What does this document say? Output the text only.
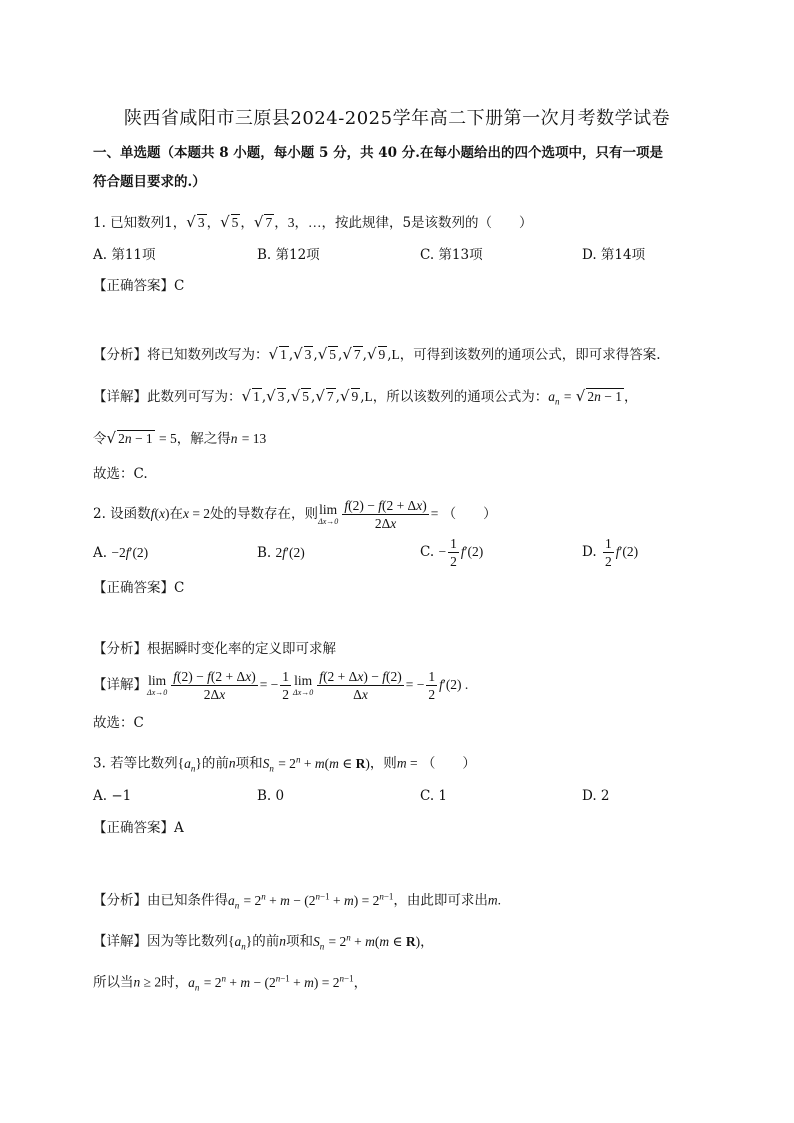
陕西省咸阳市三原县2024-2025学年高二下册第一次月考数学试卷
一、单选题（本题共 8 小题，每小题 5 分，共 40 分.在每小题给出的四个选项中，只有一项是
符合题目要求的.）
1. 已知数列1，√ 3 ，√ 5 ，√ 7 ，3，…，按此规律，5是该数列的（　　）
A. 第11项	B. 第12项	C. 第13项	D. 第14项
【正确答案】C
【分析】将已知数列改写为：√ 1 ,√ 3 ,√ 5 ,√ 7 ,√ 9 ,L，可得到该数列的通项公式，即可求得答案.
【详解】此数列可写为：√ 1 ,√ 3 ,√ 5 ,√ 7 ,√ 9 ,L，所以该数列的通项公式为：$a_n$ = √ 2n − 1 ，
令√ 2n − 1 = 5，解之得n = 13
故选：C.
2. 设函数f(x)在x = 2处的导数存在，则 lim
$\Delta x\to 0 \frac{f(2) - f(2 + \Delta x)}{2\Delta x}$ = （　　）
A. −2f′(2)	B. 2f′(2)	C. − $\frac{1}{2} f'(2)$	D. $\frac{1}{2} f'(2)$
【正确答案】C
【分析】根据瞬时变化率的定义即可求解
【详解】 lim
$\Delta x\to 0 \frac{f(2) - f(2 + \Delta x)}{2\Delta x}$ = − $\frac{1}{2}$ lim
$\Delta x\to 0 \frac{f(2 + \Delta x) - f(2)}{\Delta x}$ = − $\frac{1}{2} f'(2)$ .
故选：C
3. 若等比数列$\{a_n\}$的前n项和$S_n = 2^n + m(m$ ∈ R)，则m = （　　）
A. −1	B. 0	C. 1	D. 2
【正确答案】A
【分析】由已知条件得$a_n = 2^n + m - (2^{n-1} + m) = 2^{n-1}$，由此即可求出m.
【详解】因为等比数列$\{a_n\}$的前n项和$S_n = 2^n + m(m$ ∈ R)，
所以当n ≥ 2时，$a_n = 2^n + m - (2^{n-1} + m) = 2^{n-1}$，
